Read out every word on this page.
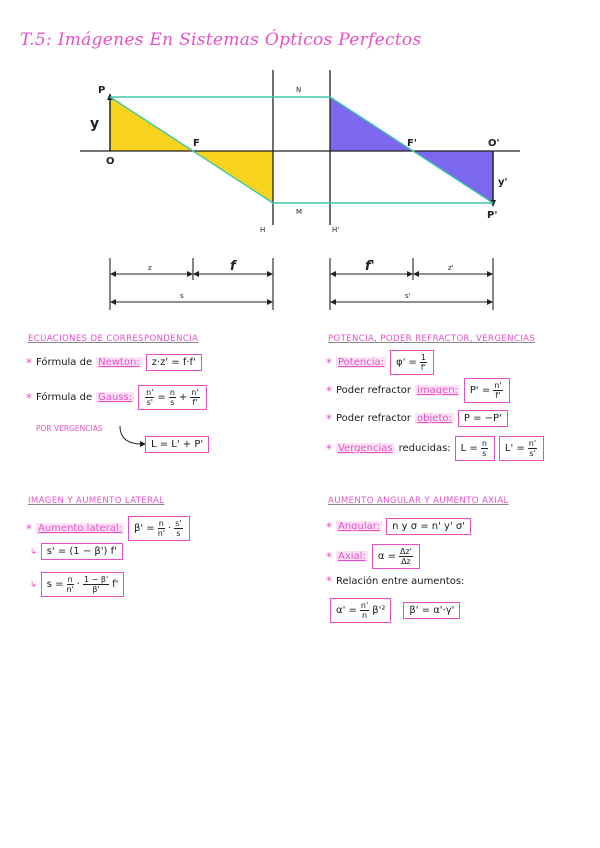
T.5: Imágenes En Sistemas Ópticos Perfectos
P
y
O
F
N
M
H	H'
F'	O'
y'
P'
z	f
s
f'	z'
s'
ECUACIONES DE CORRESPONDENCIA
* Fórmula de Newton:	z·z' = f·f'
* Fórmula de Gauss: $\frac{n'}{s'} = \frac{n}{s} + \frac{n'}{f'}$
POR VERGENCIAS
L = L' + P'
POTENCIA, PODER REFRACTOR, VERGENCIAS
* Potencia: $\varphi' = \frac{1}{f'}$
* Poder refractor imagen: $P' = \frac{n'}{f'}$
* Poder refractor objeto:	P = −P'
* Vergencias reducidas: $L = \frac{n}{s} L' = \frac{n'}{s'}$
IMAGEN Y AUMENTO LATERAL
* Aumento lateral: $\beta' = \frac{n}{n'} \cdot \frac{s'}{s}$
↳	s' = (1 − β') f'
↳ $s = \frac{n}{n'} \cdot \frac{1 - \beta'}{\beta'} f'$
AUMENTO ANGULAR Y AUMENTO AXIAL
* Angular:	n y σ = n' y' σ'
* Axial: $\alpha = \frac{\Delta z'}{\Delta z}$
* Relación entre aumentos:
$\alpha' = \frac{n'}{n} \beta'^2$	β' = α'·γ'
